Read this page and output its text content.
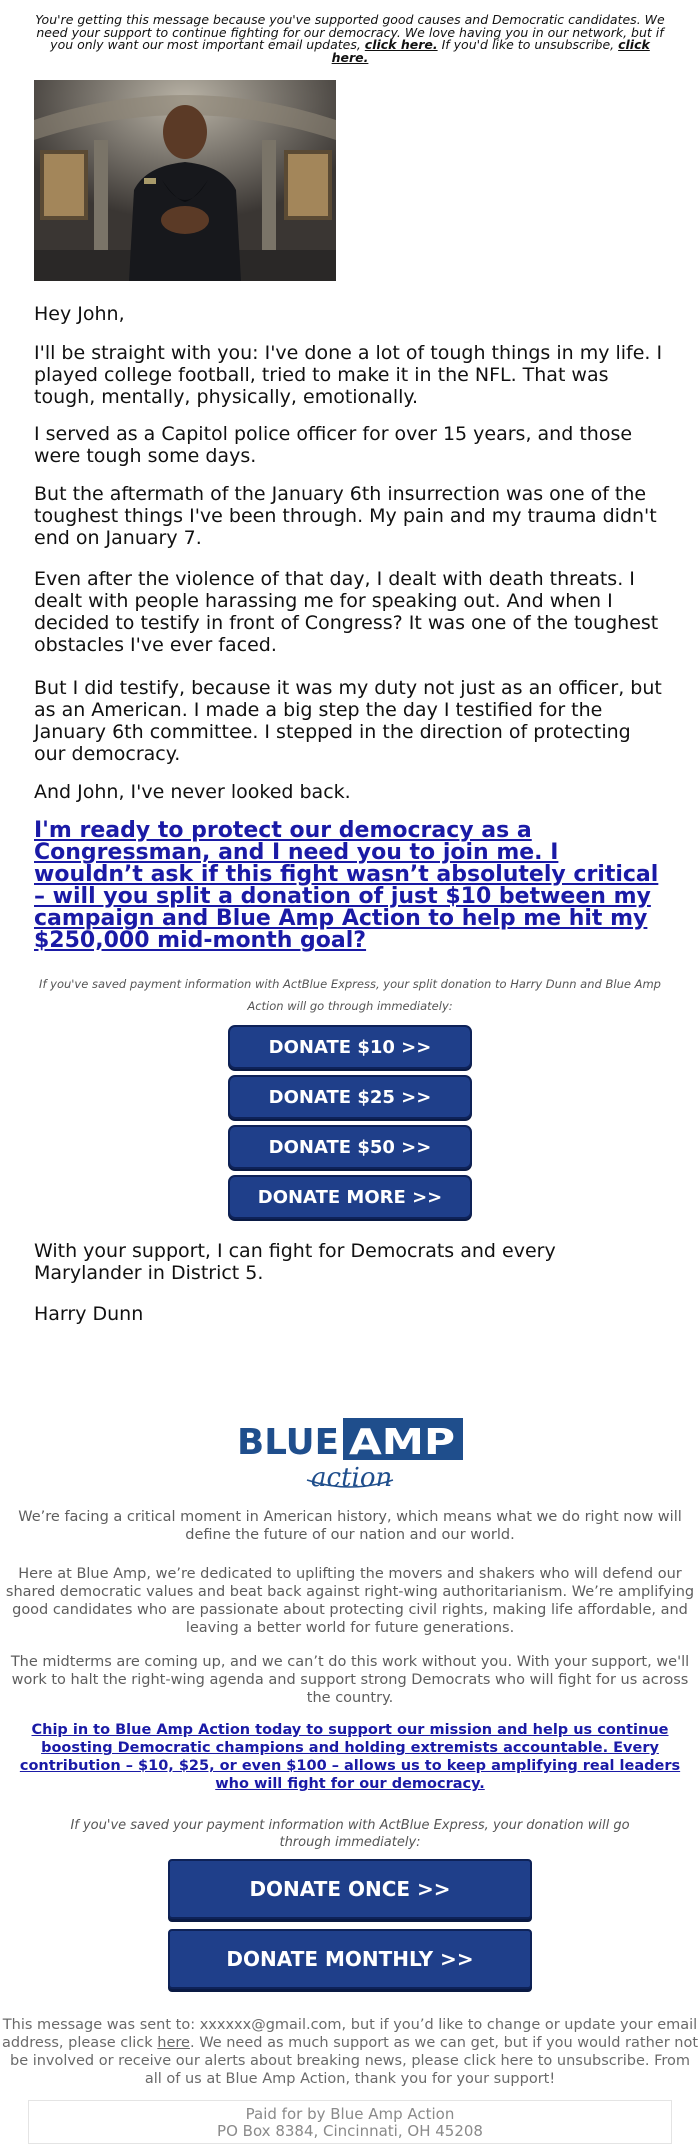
You're getting this message because you've supported good causes and Democratic candidates. We
need your support to continue fighting for our democracy. We love having you in our network, but if
you only want our most important email updates, click here. If you'd like to unsubscribe, click here.
Hey John,
I'll be straight with you: I've done a lot of tough things in my life. I played college football, tried to make it in the NFL. That was tough, mentally, physically, emotionally.
I served as a Capitol police officer for over 15 years, and those were tough some days.
But the aftermath of the January 6th insurrection was one of the toughest things I've been through. My pain and my trauma didn't end on January 7.
Even after the violence of that day, I dealt with death threats. I dealt with people harassing me for speaking out. And when I decided to testify in front of Congress? It was one of the toughest obstacles I've ever faced.
But I did testify, because it was my duty not just as an officer, but as an American. I made a big step the day I testified for the January 6th committee. I stepped in the direction of protecting our democracy.
And John, I've never looked back.
I'm ready to protect our democracy as a Congressman, and I need you to join me. I wouldn’t ask if this fight wasn’t absolutely critical – will you split a donation of just $10 between my campaign and Blue Amp Action to help me hit my $250,000 mid-month goal?
If you've saved payment information with ActBlue Express, your split donation to Harry Dunn and Blue Amp Action will go through immediately:
DONATE $10 >>
DONATE $25 >>
DONATE $50 >>
DONATE MORE >>
With your support, I can fight for Democrats and every Marylander in District 5.
Harry Dunn
BLUE AMP
action
We’re facing a critical moment in American history, which means what we do right now will define the future of our nation and our world.
Here at Blue Amp, we’re dedicated to uplifting the movers and shakers who will defend our shared democratic values and beat back against right-wing authoritarianism. We’re amplifying good candidates who are passionate about protecting civil rights, making life affordable, and leaving a better world for future generations.
The midterms are coming up, and we can’t do this work without you. With your support, we'll work to halt the right-wing agenda and support strong Democrats who will fight for us across the country.
Chip in to Blue Amp Action today to support our mission and help us continue boosting Democratic champions and holding extremists accountable. Every contribution – $10, $25, or even $100 – allows us to keep amplifying real leaders who will fight for our democracy.
If you've saved your payment information with ActBlue Express, your donation will go through immediately:
DONATE ONCE >>
DONATE MONTHLY >>
This message was sent to: xxxxxx@gmail.com, but if you’d like to change or update your email address, please click here. We need as much support as we can get, but if you would rather not be involved or receive our alerts about breaking news, please click here to unsubscribe. From all of us at Blue Amp Action, thank you for your support!
Paid for by Blue Amp Action
PO Box 8384, Cincinnati, OH 45208
